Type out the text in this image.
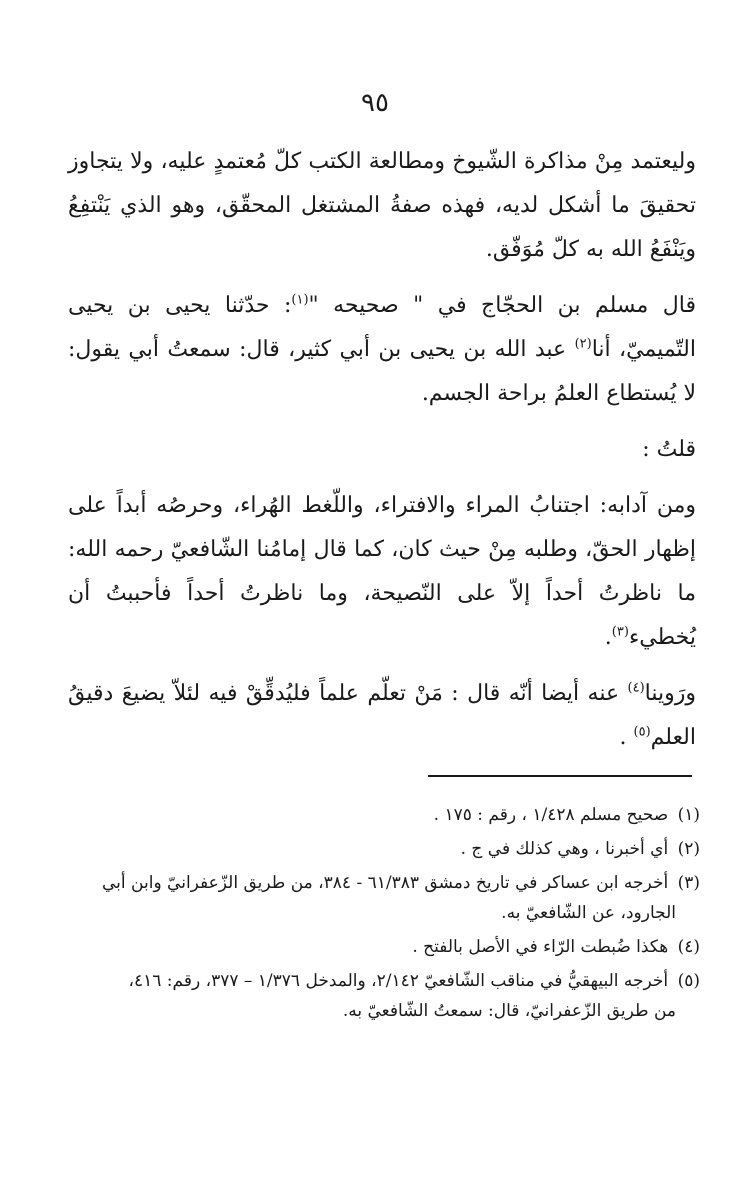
٩٥

وليعتمد مِنْ مذاكرة الشّيوخ ومطالعة الكتب كلّ مُعتمدٍ عليه، ولا يتجاوز تحقيقَ ما أشكل لديه، فهذه صفةُ المشتغل المحقّق، وهو الذي يَنْتفِعُ ويَنْفَعُ الله به كلّ مُوَفّق.

قال مسلم بن الحجّاج في " صحيحه "$^{(١)}$: حدّثنا يحيى بن يحيى التّميميّ، أنا$^{(٢)}$ عبد الله بن يحيى بن أبي كثير، قال: سمعتُ أبي يقول: لا يُستطاع العلمُ براحة الجسم.

قلتُ :

ومن آدابه: اجتنابُ المراء والافتراء، واللّغط الهُراء، وحرصُه أبداً على إظهار الحقّ، وطلبه مِنْ حيث كان، كما قال إمامُنا الشّافعيّ رحمه الله: ما ناظرتُ أحداً إلاّ على النّصيحة، وما ناظرتُ أحداً فأحببتُ أن يُخطيء$^{(٣)}$.

ورَوينا$^{(٤)}$ عنه أيضا أنّه قال : مَنْ تعلّم علماً فليُدقِّقْ فيه لئلاّ يضيعَ دقيقُ العلم$^{(٥)}$ .

(١) صحيح مسلم ١/٤٢٨ ، رقم : ١٧٥ .
(٢) أي أخبرنا ، وهي كذلك في ج .
(٣) أخرجه ابن عساكر في تاريخ دمشق ٦١/٣٨٣ - ٣٨٤، من طريق الزّعفرانيّ وابن أبي
الجارود، عن الشّافعيّ به.
(٤) هكذا ضُبطت الرّاء في الأصل بالفتح .
(٥) أخرجه البيهقيُّ في مناقب الشّافعيّ ٢/١٤٢، والمدخل ١/٣٧٦ – ٣٧٧، رقم: ٤١٦،
من طريق الزّعفرانيّ، قال: سمعتُ الشّافعيّ به.
